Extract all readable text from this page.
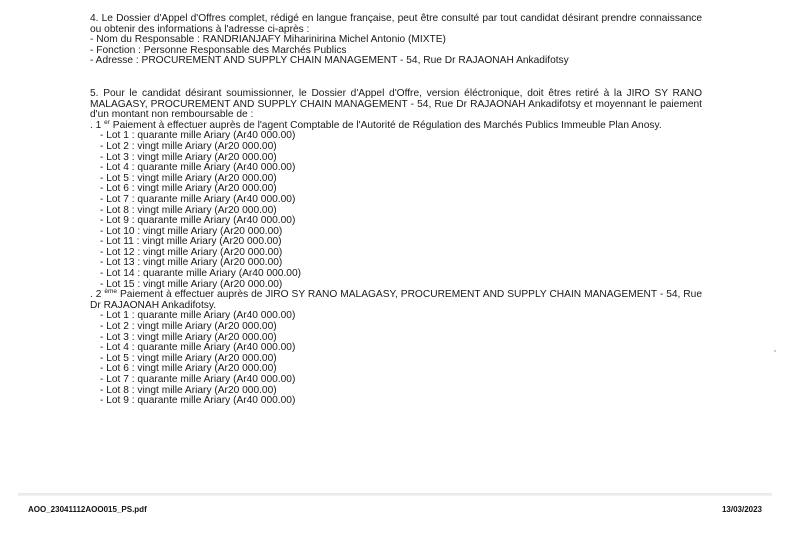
4. Le Dossier d'Appel d'Offres complet, rédigé en langue française, peut être consulté par tout candidat désirant prendre connaissance ou obtenir des informations à l'adresse ci-après :

- Nom du Responsable : RANDRIANJAFY Miharinirina Michel Antonio (MIXTE)
- Fonction : Personne Responsable des Marchés Publics
- Adresse : PROCUREMENT AND SUPPLY CHAIN MANAGEMENT - 54, Rue Dr RAJAONAH Ankadifotsy

5. Pour le candidat désirant soumissionner, le Dossier d'Appel d'Offre, version éléctronique, doit êtres retiré à la JIRO SY RANO MALAGASY, PROCUREMENT AND SUPPLY CHAIN MANAGEMENT - 54, Rue Dr RAJAONAH Ankadifotsy et moyennant le paiement d'un montant non remboursable de :

. 1 $^{er}$ Paiement à effectuer auprès de l'agent Comptable de l'Autorité de Régulation des Marchés Publics Immeuble Plan Anosy.

- Lot 1 : quarante mille Ariary (Ar40 000.00)
- Lot 2 : vingt mille Ariary (Ar20 000.00)
- Lot 3 : vingt mille Ariary (Ar20 000.00)
- Lot 4 : quarante mille Ariary (Ar40 000.00)
- Lot 5 : vingt mille Ariary (Ar20 000.00)
- Lot 6 : vingt mille Ariary (Ar20 000.00)
- Lot 7 : quarante mille Ariary (Ar40 000.00)
- Lot 8 : vingt mille Ariary (Ar20 000.00)
- Lot 9 : quarante mille Ariary (Ar40 000.00)
- Lot 10 : vingt mille Ariary (Ar20 000.00)
- Lot 11 : vingt mille Ariary (Ar20 000.00)
- Lot 12 : vingt mille Ariary (Ar20 000.00)
- Lot 13 : vingt mille Ariary (Ar20 000.00)
- Lot 14 : quarante mille Ariary (Ar40 000.00)
- Lot 15 : vingt mille Ariary (Ar20 000.00)

. 2 $^{ème}$ Paiement à effectuer auprès de JIRO SY RANO MALAGASY, PROCUREMENT AND SUPPLY CHAIN MANAGEMENT - 54, Rue Dr RAJAONAH Ankadifotsy.

- Lot 1 : quarante mille Ariary (Ar40 000.00)
- Lot 2 : vingt mille Ariary (Ar20 000.00)
- Lot 3 : vingt mille Ariary (Ar20 000.00)
- Lot 4 : quarante mille Ariary (Ar40 000.00)
- Lot 5 : vingt mille Ariary (Ar20 000.00)
- Lot 6 : vingt mille Ariary (Ar20 000.00)
- Lot 7 : quarante mille Ariary (Ar40 000.00)
- Lot 8 : vingt mille Ariary (Ar20 000.00)
- Lot 9 : quarante mille Ariary (Ar40 000.00)
AOO_23041112AOO015_PS.pdf	13/03/2023
